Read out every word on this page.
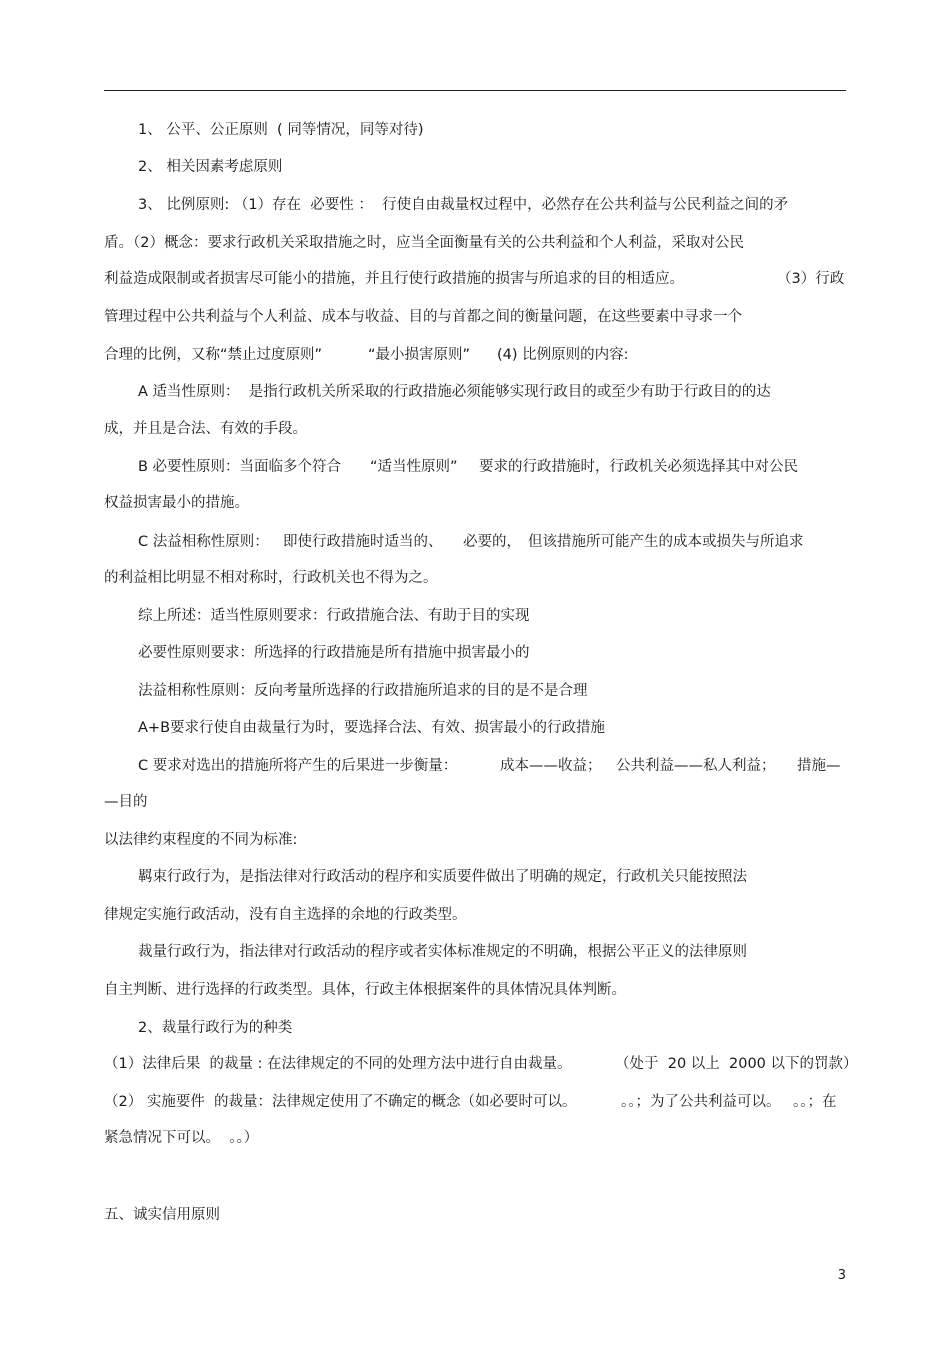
1、 公平、公正原则  ( 同等情况，同等对待)
2、 相关因素考虑原则
3、 比例原则: （1）存在  必要性 ：  行使自由裁量权过程中，必然存在公共利益与公民利益之间的矛
盾。（2）概念：要求行政机关采取措施之时，应当全面衡量有关的公共利益和个人利益，采取对公民
利益造成限制或者损害尽可能小的措施，并且行使行政措施的损害与所追求的目的相适应。	（3）行政
管理过程中公共利益与个人利益、成本与收益、目的与首都之间的衡量问题，在这些要素中寻求一个
合理的比例，又称“禁止过度原则”	“最小损害原则” (4) 比例原则的内容:
A 适当性原则：  是指行政机关所采取的行政措施必须能够实现行政目的或至少有助于行政目的的达
成，并且是合法、有效的手段。
B 必要性原则：当面临多个符合 “适当性原则” 要求的行政措施时，行政机关必须选择其中对公民
权益损害最小的措施。
C 法益相称性原则： 即使行政措施时适当的、 必要的， 但该措施所可能产生的成本或损失与所追求
的利益相比明显不相对称时，行政机关也不得为之。
综上所述：适当性原则要求：行政措施合法、有助于目的实现
必要性原则要求：所选择的行政措施是所有措施中损害最小的
法益相称性原则：反向考量所选择的行政措施所追求的目的是不是合理
A+B要求行使自由裁量行为时，要选择合法、有效、损害最小的行政措施
C 要求对选出的措施所将产生的后果进一步衡量：	成本——收益； 公共利益——私人利益； 措施—
—目的
以法律约束程度的不同为标准:
羁束行政行为，是指法律对行政活动的程序和实质要件做出了明确的规定，行政机关只能按照法
律规定实施行政活动，没有自主选择的余地的行政类型。
裁量行政行为，指法律对行政活动的程序或者实体标准规定的不明确，根据公平正义的法律原则
自主判断、进行选择的行政类型。具体，行政主体根据案件的具体情况具体判断。
2、裁量行政行为的种类
（1）法律后果  的裁量 : 在法律规定的不同的处理方法中进行自由裁量。	（处于  20 以上  2000 以下的罚款）
（2） 实施要件  的裁量：法律规定使用了不确定的概念（如必要时可以。	。。；为了公共利益可以。 。。；在
紧急情况下可以。  。。）
五、诚实信用原则
3
